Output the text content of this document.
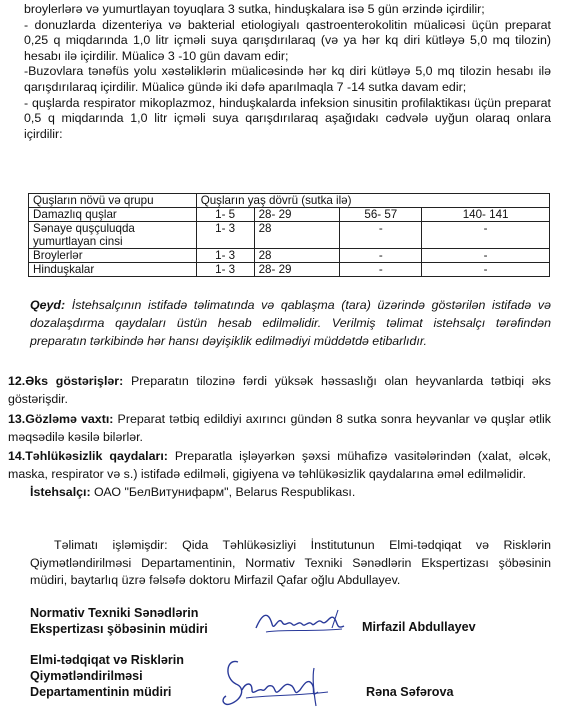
broylerlərə və yumurtlayan toyuqlara 3 sutka, hinduşkalara isə 5 gün ərzində içirdilir;
- donuzlarda dizenteriya və bakterial etiologiyalı qastroenterokolitin müalicəsi üçün preparat 0,25 q miqdarında 1,0 litr içməli suya qarışdırılaraq (və ya hər kq diri kütləyə 5,0 mq tilozin) hesabı ilə içirdilir. Müalicə 3 -10 gün davam edir;
-Buzovlara tənəfüs yolu xəstəliklərin müalicəsində hər kq diri kütləyə 5,0 mq tilozin hesabı ilə qarışdırılaraq içirdilir. Müalicə gündə iki dəfə aparılmaqla 7 -14 sutka davam edir;
- quşlarda respirator mikoplazmoz, hinduşkalarda infeksion sinusitin profilaktikası üçün preparat 0,5 q miqdarında 1,0 litr içməli suya qarışdırılaraq aşağıdakı cədvələ uyğun olaraq onlara içirdilir:
Quşların növü və qrupu	Quşların yaş dövrü (sutka ilə)			
Damazlıq quşlar	1- 5	28- 29	56- 57	140- 141
Sənaye quşçuluqda yumurtlayan cinsi	1- 3	28	-	-
Broylerlər	1- 3	28	-	-
Hinduşkalar	1- 3	28- 29	-	-
Qeyd: İstehsalçının istifadə təlimatında və qablaşma (tara) üzərində göstərilən istifadə və dozalaşdırma qaydaları üstün hesab edilməlidir. Verilmiş təlimat istehsalçı tərəfindən preparatın tərkibində hər hansı dəyişiklik edilmədiyi müddətdə etibarlıdır.
12.Əks göstərişlər: Preparatın tilozinə fərdi yüksək həssaslığı olan heyvanlarda tətbiqi əks göstərişdir.
13.Gözləmə vaxtı: Preparat tətbiq edildiyi axırıncı gündən 8 sutka sonra heyvanlar və quşlar ətlik məqsədilə kəsilə bilərlər.
14.Təhlükəsizlik qaydaları: Preparatla işləyərkən şəxsi mühafizə vasitələrindən (xalat, əlcək, maska, respirator və s.) istifadə edilməli, gigiyena və təhlükəsizlik qaydalarına əməl edilməlidir.
İstehsalçı: ОАО "БелВитунифарм", Belarus Respublikası.
Təlimatı işləmişdir: Qida Təhlükəsizliyi İnstitutunun Elmi-tədqiqat və Risklərin Qiymətləndirilməsi Departamentinin, Normativ Texniki Sənədlərin Ekspertizası şöbəsinin müdiri, baytarlıq üzrə fəlsəfə doktoru Mirfazil Qafar oğlu Abdullayev.
Normativ Texniki Sənədlərin
Ekspertizası şöbəsinin müdiri	Mirfazil Abdullayev
Elmi-tədqiqat və Risklərin
Qiymətləndirilməsi
Departamentinin müdiri	Rəna Səfərova
